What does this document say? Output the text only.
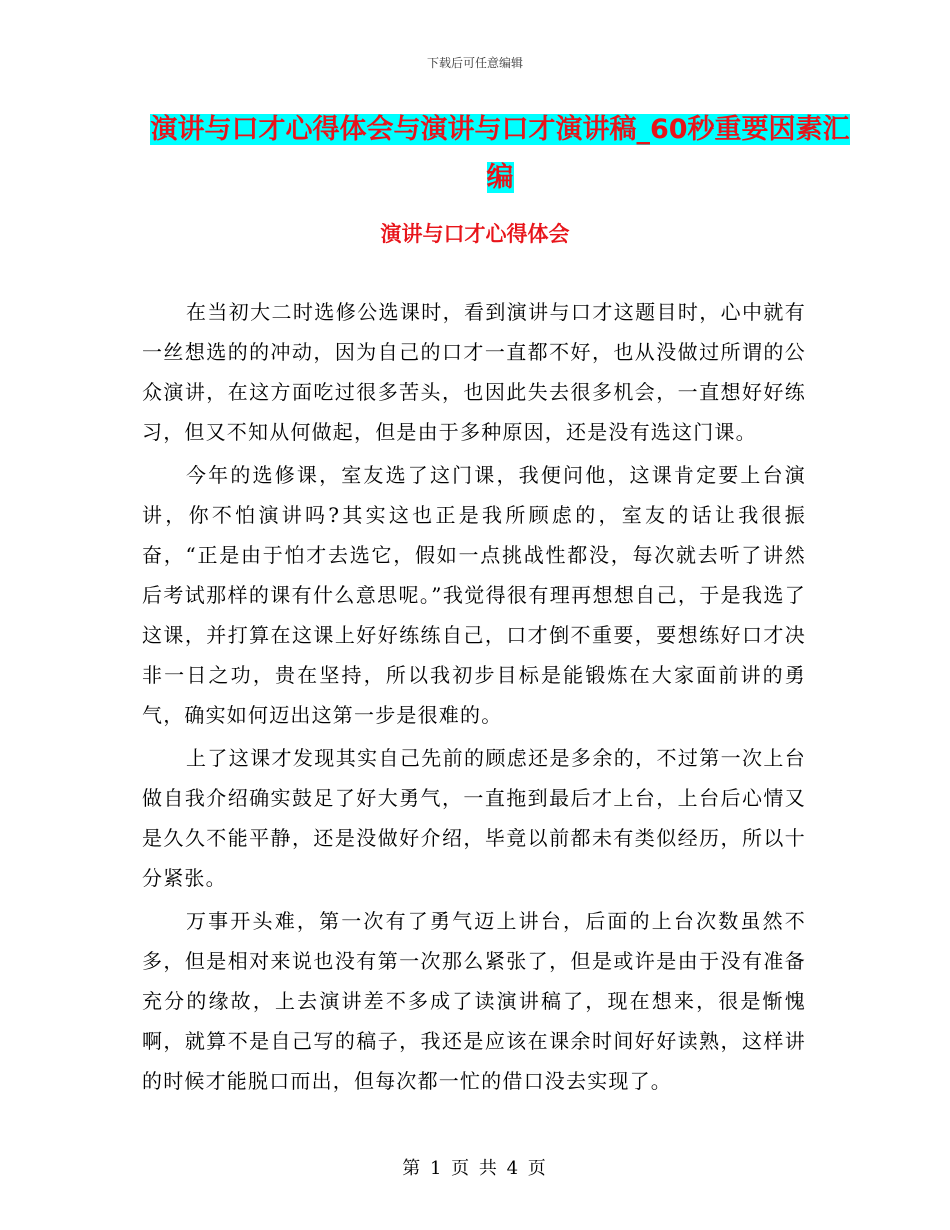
下载后可任意编辑
演讲与口才心得体会与演讲与口才演讲稿_60秒重要因素汇编
演讲与口才心得体会

在当初大二时选修公选课时，看到演讲与口才这题目时，心中就有一丝想选的的冲动，因为自己的口才一直都不好，也从没做过所谓的公众演讲，在这方面吃过很多苦头，也因此失去很多机会，一直想好好练习，但又不知从何做起，但是由于多种原因，还是没有选这门课。

今年的选修课，室友选了这门课，我便问他，这课肯定要上台演讲，你不怕演讲吗?其实这也正是我所顾虑的，室友的话让我很振奋，“正是由于怕才去选它，假如一点挑战性都没，每次就去听了讲然后考试那样的课有什么意思呢。”我觉得很有理再想想自己，于是我选了这课，并打算在这课上好好练练自己，口才倒不重要，要想练好口才决非一日之功，贵在坚持，所以我初步目标是能锻炼在大家面前讲的勇气，确实如何迈出这第一步是很难的。

上了这课才发现其实自己先前的顾虑还是多余的，不过第一次上台做自我介绍确实鼓足了好大勇气，一直拖到最后才上台，上台后心情又是久久不能平静，还是没做好介绍，毕竟以前都未有类似经历，所以十分紧张。

万事开头难，第一次有了勇气迈上讲台，后面的上台次数虽然不多，但是相对来说也没有第一次那么紧张了，但是或许是由于没有准备充分的缘故，上去演讲差不多成了读演讲稿了，现在想来，很是惭愧啊，就算不是自己写的稿子，我还是应该在课余时间好好读熟，这样讲的时候才能脱口而出，但每次都一忙的借口没去实现了。

第 1 页 共 4 页
